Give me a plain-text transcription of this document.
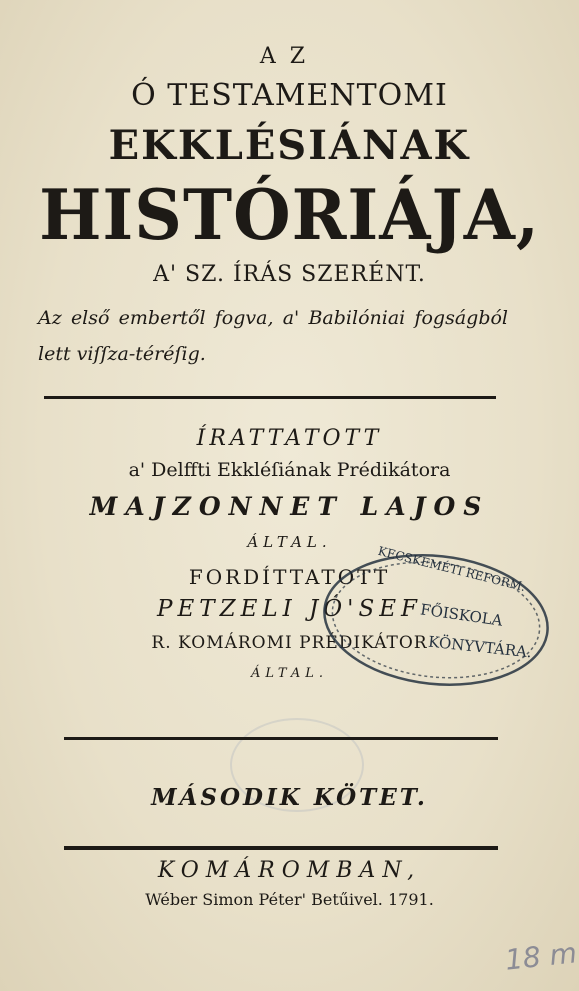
AZ
Ó TESTAMENTOMI
EKKLÉSIÁNAK
HISTÓRIÁJA,
A' SZ. ÍRÁS SZERÉNT.
Az első embertől fogva, a' Babilóniai fogságból lett viſſza-téréſig.
ÍRATTATOTT
a' Delffti Ekkléſiának Prédikátora
MAJZONNET LAJOS
ÁLTAL.
FORDÍTTATOTT
PETZELI JÓ'SEF
R. KOMÁROMI PRÉDIKÁTOR
ÁLTAL.
MÁSODIK KÖTET.
KOMÁROMBAN,
Wéber Simon Péter' Betűivel. 1791.
KECSKEMÉTI REFORM.
FŐISKOLA
KÖNYVTÁRA.
18 m
